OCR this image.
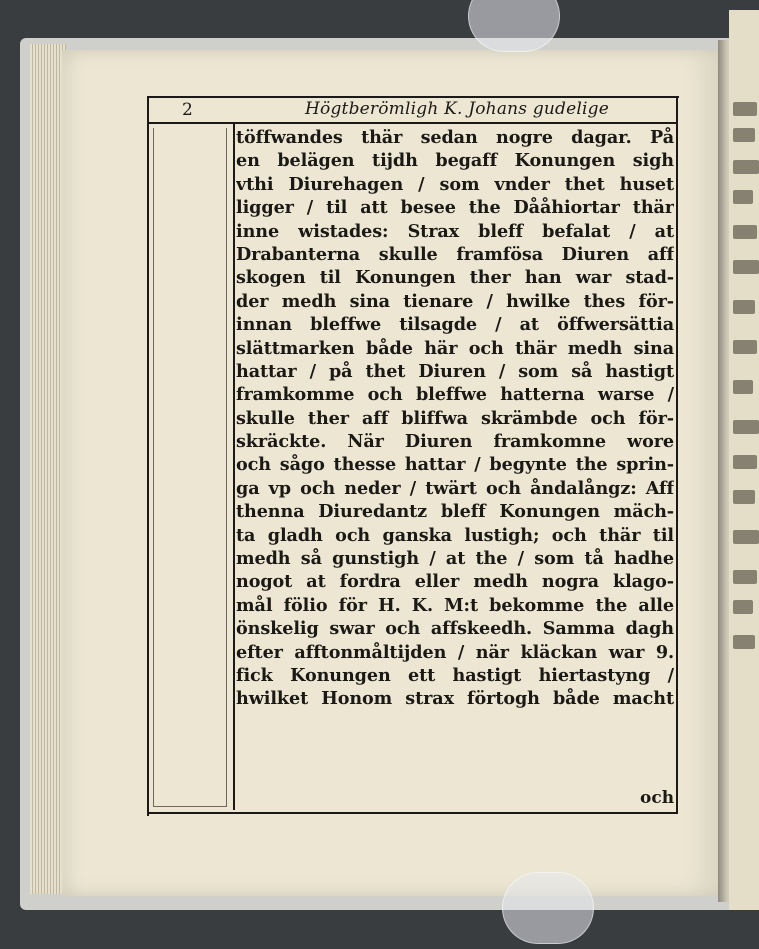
2	Högtberömligh K. Johans gudelige
töffwandes thär sedan nogre dagar. På
en belägen tijdh begaff Konungen sigh
vthi Diurehagen / som vnder thet huset
ligger / til att besee the Dååhiortar thär
inne wistades: Strax bleff befalat / at
Drabanterna skulle framfösa Diuren aff
skogen til Konungen ther han war stad-
der medh sina tienare / hwilke thes för-
innan bleffwe tilsagde / at öffwersättia
slättmarken både här och thär medh sina
hattar / på thet Diuren / som så hastigt
framkomme och bleffwe hatterna warse /
skulle ther aff bliffwa skrämbde och för-
skräckte. När Diuren framkomne wore
och sågo thesse hattar / begynte the sprin-
ga vp och neder / twärt och åndalångz: Aff
thenna Diuredantz bleff Konungen mäch-
ta gladh och ganska lustigh; och thär til
medh så gunstigh / at the / som tå hadhe
nogot at fordra eller medh nogra klago-
mål fölio för H. K. M:t bekomme the alle
önskelig swar och affskeedh. Samma dagh
efter afftonmåltijden / när kläckan war 9.
fick Konungen ett hastigt hiertastyng /
hwilket Honom strax förtogh både macht
och
